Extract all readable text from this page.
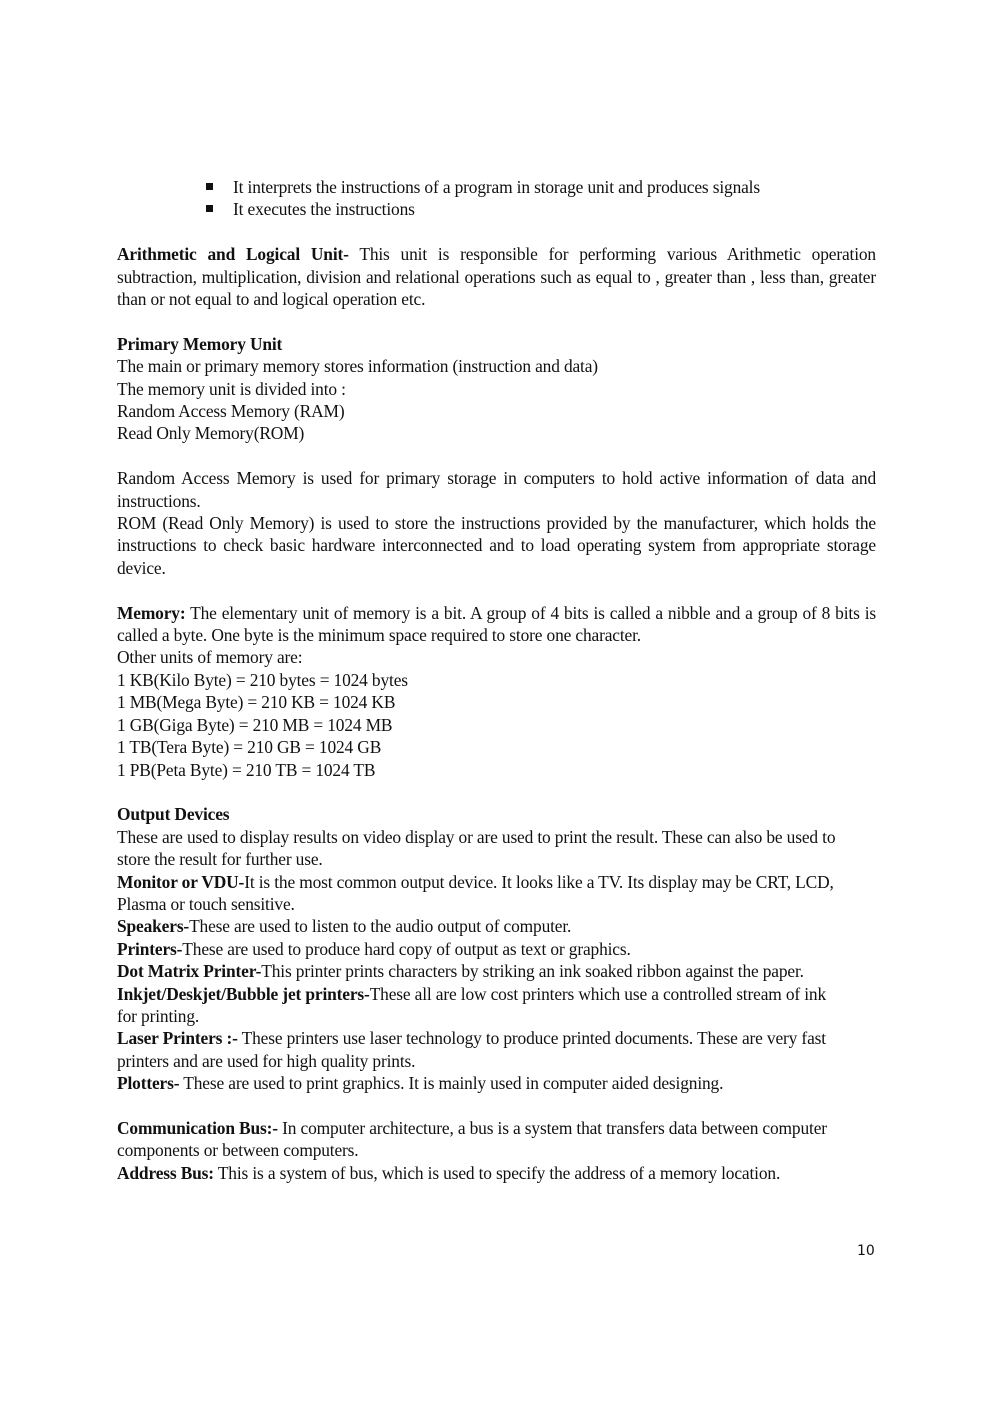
It interprets the instructions of a program in storage unit and produces signals
It executes the instructions

Arithmetic and Logical Unit- This unit is responsible for performing various Arithmetic operation subtraction, multiplication, division and relational operations such as equal to , greater than , less than, greater than or not equal to and logical operation etc.

Primary Memory Unit

The main or primary memory stores information (instruction and data)

The memory unit is divided into :

Random Access Memory (RAM)

Read Only Memory(ROM)

Random Access Memory is used for primary storage in computers to hold active information of data and instructions.

ROM (Read Only Memory) is used to store the instructions provided by the manufacturer, which holds the instructions to check basic hardware interconnected and to load operating system from appropriate storage device.

Memory: The elementary unit of memory is a bit. A group of 4 bits is called a nibble and a group of 8 bits is called a byte. One byte is the minimum space required to store one character.

Other units of memory are:

1 KB(Kilo Byte) = 210 bytes = 1024 bytes

1 MB(Mega Byte) = 210 KB = 1024 KB

1 GB(Giga Byte) = 210 MB = 1024 MB

1 TB(Tera Byte) = 210 GB = 1024 GB

1 PB(Peta Byte) = 210 TB = 1024 TB

Output Devices

These are used to display results on video display or are used to print the result. These can also be used to store the result for further use.

Monitor or VDU-It is the most common output device. It looks like a TV. Its display may be CRT, LCD, Plasma or touch sensitive.

Speakers-These are used to listen to the audio output of computer.

Printers-These are used to produce hard copy of output as text or graphics.

Dot Matrix Printer-This printer prints characters by striking an ink soaked ribbon against the paper.

Inkjet/Deskjet/Bubble jet printers-These all are low cost printers which use a controlled stream of ink for printing.

Laser Printers :- These printers use laser technology to produce printed documents. These are very fast printers and are used for high quality prints.

Plotters- These are used to print graphics. It is mainly used in computer aided designing.

Communication Bus:- In computer architecture, a bus is a system that transfers data between computer components or between computers.

Address Bus: This is a system of bus, which is used to specify the address of a memory location.

10
